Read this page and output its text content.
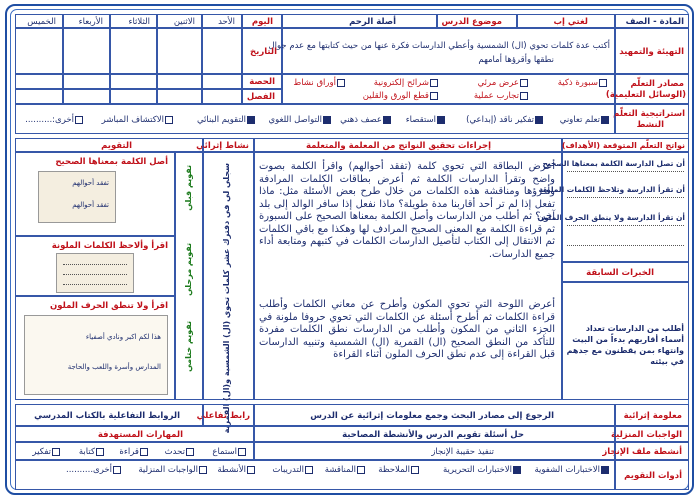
المادة - الصف
لغتي إب
موضوع الدرس
أصلة الرحم
اليوم
الأحد
الاثنين
الثلاثاء
الأربعاء
الخميس
التهيئة والتمهيد
أكتب عدة كلمات تحوي (ال) الشمسية وأعطي الدارسات فكرة عنها من حيث كتابتها مع عدم جوال
نطقها وأقرؤها أمامهم
التاريخ
مصادر التعلّم
(الوسائل التعليمية)
سبورة ذكية
عرض مرئي
شرائح إلكترونية
أوراق نشاط
تجارب عملية
قطع الورق والقلين
الحصة
الفصل
استراتيجية التعلّم
النشط
تعلم تعاوني
تفكير ناقد (إبداعي)
استقصاء
عصف ذهني
التواصل اللغوي
التقويم البنائي
الاكتشاف المباشر
أخرى:..........
نواتج التعلّم المتوقعة (الأهداف)
إجراءات تحقيق النواتج من المعلمة والمتعلمة
نشاط إثرائي
التقويم
أن تصل الدارسة الكلمة بمعناها الصحيح
أن تقرأ الدارسة وتلاحظ الكلمات الملونة
أن تقرأ الدارسة ولا ينطق الحرف الملون
الخبرات السابقة
أطلب من الدارسات تعداد أسماء أقاربهم بدءاً من البيت وانتهاء بمن يقطنون مع جدهم في بيئته
أعرض البطاقة التي تحوي كلمة (تفقد أحوالهم) واقرأ الكلمة بصوت واضح وتقرأ الدارسات الكلمة ثم أعرض بطاقات الكلمات المرادفة وأقرؤها ومناقشة هذه الكلمات من خلال طرح بعض الأسئلة مثل: ماذا تفعل إذا لم تر أحد أقاربنا مدة طويلة؟ ماذا نفعل إذا سافر الوالد إلى بلد آخر؟ ثم أطلب من الدارسات وأصل الكلمة بمعناها الصحيح على السبورة ثم قراءة الكلمة مع المعنى الصحيح المرادف لها وهكذا مع باقي الكلمات ثم الانتقال إلى الكتاب لتأصيل الدارسات الكلمات في كتبهم ومتابعة أداء جميع الدارسات.
أعرض اللوحة التي تحوي المكون وأطرح عن معاني الكلمات وأطلب قراءة الكلمات ثم أطرح أسئلة عن الكلمات التي تحوي حروفا ملونة في الجزء الثاني من المكون وأطلب من الدارسات نطق الكلمات مفردة للتأكد من النطق الصحيح (ال) القمرية (ال) الشمسية وتنبيه الدارسات قبل القراءة إلى عدم نطق الحرف الملون أثناء القراءة
سجلي لي في دفترك عشر كلمات تحوي (ال) الشمسية و(ال) القمرية
تقويم قبلي
تقويم مرحلي
تقويم ختامي
أصل الكلمة بمعناها الصحيح
تفقد أحوالهم
تفقد أحوالهم
اقرأ وألاحظ الكلمات الملونة
اقرأ ولا تنطق الحرف الملون
هذا لكم اكبر ونادي أصفياء
المدارس وأسرة واللعب والحاجة
معلومة إثرائية
الرجوع إلى مصادر البحث وجمع معلومات إثرائية عن الدرس
رابط تفاعلي
الروابط التفاعلية بالكتاب المدرسي
الواجبات المنزلية
حل أسئلة تقويم الدرس والأنشطة المصاحبة
المهارات المستهدفة
أنشطة ملف الإنجاز
تنفيذ حقيبة الإنجاز
استماع
تحدث
قراءة
كتابة
تفكير
أدوات التقويم
الاختبارات الشفوية
الاختبارات التحريرية
الملاحظة
المناقشة
التدريبات
الأنشطة
الواجبات المنزلية
أخرى..........
